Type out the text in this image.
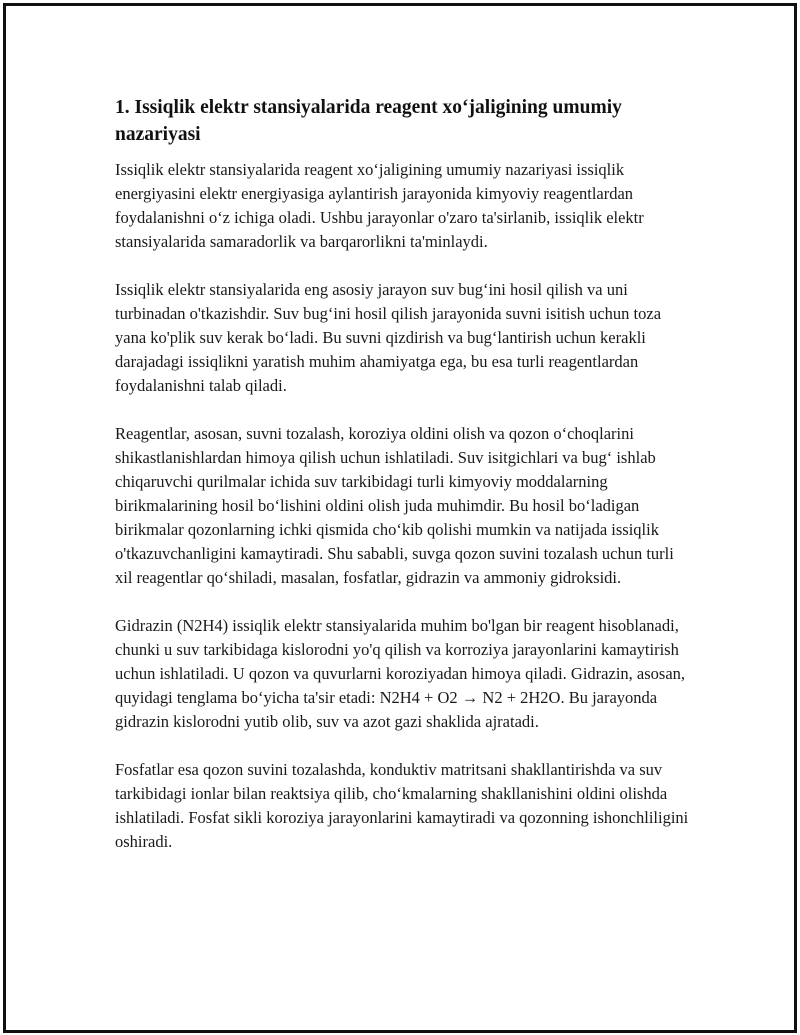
1. Issiqlik elektr stansiyalarida reagent xo‘jaligining umumiy nazariyasi

Issiqlik elektr stansiyalarida reagent xo‘jaligining umumiy nazariyasi issiqlik energiyasini elektr energiyasiga aylantirish jarayonida kimyoviy reagentlardan foydalanishni o‘z ichiga oladi. Ushbu jarayonlar o'zaro ta'sirlanib, issiqlik elektr stansiyalarida samaradorlik va barqarorlikni ta'minlaydi.

Issiqlik elektr stansiyalarida eng asosiy jarayon suv bug‘ini hosil qilish va uni turbinadan o'tkazishdir. Suv bug‘ini hosil qilish jarayonida suvni isitish uchun toza yana ko'plik suv kerak bo‘ladi. Bu suvni qizdirish va bug‘lantirish uchun kerakli darajadagi issiqlikni yaratish muhim ahamiyatga ega, bu esa turli reagentlardan foydalanishni talab qiladi.

Reagentlar, asosan, suvni tozalash, koroziya oldini olish va qozon o‘choqlarini shikastlanishlardan himoya qilish uchun ishlatiladi. Suv isitgichlari va bug‘ ishlab chiqaruvchi qurilmalar ichida suv tarkibidagi turli kimyoviy moddalarning birikmalarining hosil bo‘lishini oldini olish juda muhimdir. Bu hosil bo‘ladigan birikmalar qozonlarning ichki qismida cho‘kib qolishi mumkin va natijada issiqlik o'tkazuvchanligini kamaytiradi. Shu sababli, suvga qozon suvini tozalash uchun turli xil reagentlar qo‘shiladi, masalan, fosfatlar, gidrazin va ammoniy gidroksidi.

Gidrazin (N2H4) issiqlik elektr stansiyalarida muhim bo'lgan bir reagent hisoblanadi, chunki u suv tarkibidaga kislorodni yo'q qilish va korroziya jarayonlarini kamaytirish uchun ishlatiladi. U qozon va quvurlarni koroziyadan himoya qiladi. Gidrazin, asosan, quyidagi tenglama bo‘yicha ta'sir etadi: N2H4 + O2 → N2 + 2H2O. Bu jarayonda gidrazin kislorodni yutib olib, suv va azot gazi shaklida ajratadi.

Fosfatlar esa qozon suvini tozalashda, konduktiv matritsani shakllantirishda va suv tarkibidagi ionlar bilan reaktsiya qilib, cho‘kmalarning shakllanishini oldini olishda ishlatiladi. Fosfat sikli koroziya jarayonlarini kamaytiradi va qozonning ishonchliligini oshiradi.
